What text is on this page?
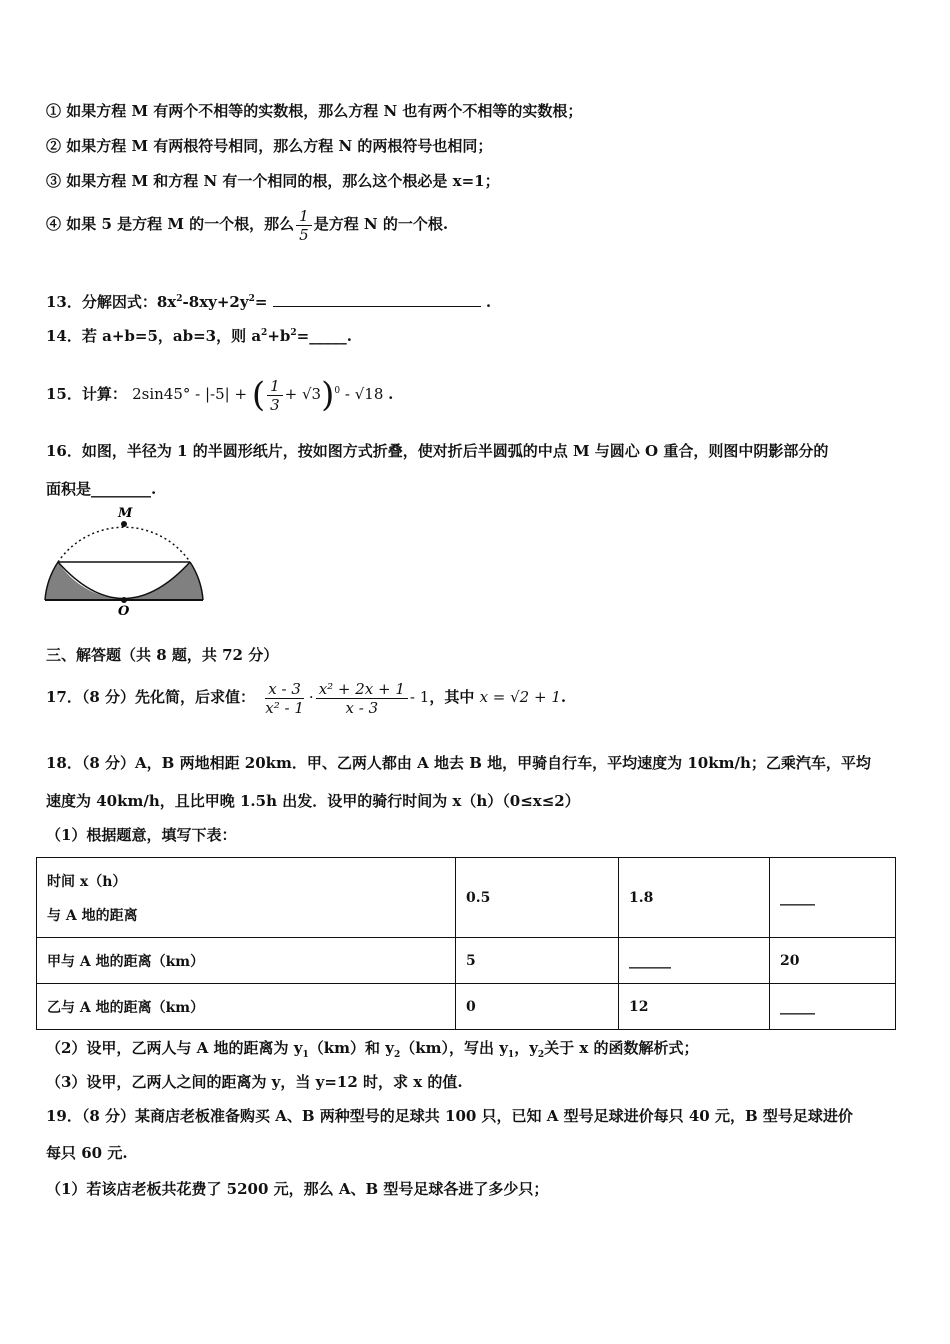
① 如果方程 M 有两个不相等的实数根，那么方程 N 也有两个不相等的实数根；
② 如果方程 M 有两根符号相同，那么方程 N 的两根符号也相同；
③ 如果方程 M 和方程 N 有一个相同的根，那么这个根必是 x=1；
④ 如果 5 是方程 M 的一个根，那么 $\frac{1}{5}$ 是方程 N 的一个根.
13．分解因式：$8x^2-8xy+2y^2=$	.
14．若 a+b=5，ab=3，则 $a^2+b^2=\_\_\_\_\_$.
15．计算： 2sin45° - |-5| + ( $\frac{1}{3} + √3)^0 - √18$ .
16．如图，半径为 1 的半圆形纸片，按如图方式折叠，使对折后半圆弧的中点 M 与圆心 O 重合，则图中阴影部分的
面积是________.
M
O
三、解答题（共 8 题，共 72 分）
17．（8 分）先化简，后求值： $\frac{x - 3}{\text{x² - 1}} \cdot \frac{\text{x² + 2x + 1}}{x - 3} - 1$，其中 x = √2 + 1.
18．（8 分）A，B 两地相距 20km．甲、乙两人都由 A 地去 B 地，甲骑自行车，平均速度为 10km/h；乙乘汽车，平均
速度为 40km/h，且比甲晚 1.5h 出发．设甲的骑行时间为 x（h）（0≤x≤2）
（1）根据题意，填写下表：
时间 x（h）
与 A 地的距离	0.5	1.8	_____
甲与 A 地的距离（km）	5	______	20
乙与 A 地的距离（km）	0	12	_____
（2）设甲，乙两人与 A 地的距离为 $y_1(km)$和 $y_2(km)$，写出 $y_1$，$y_2$关于 x 的函数解析式；
（3）设甲，乙两人之间的距离为 y，当 y=12 时，求 x 的值.
19．（8 分）某商店老板准备购买 A、B 两种型号的足球共 100 只，已知 A 型号足球进价每只 40 元，B 型号足球进价
每只 60 元.
（1）若该店老板共花费了 5200 元，那么 A、B 型号足球各进了多少只；
